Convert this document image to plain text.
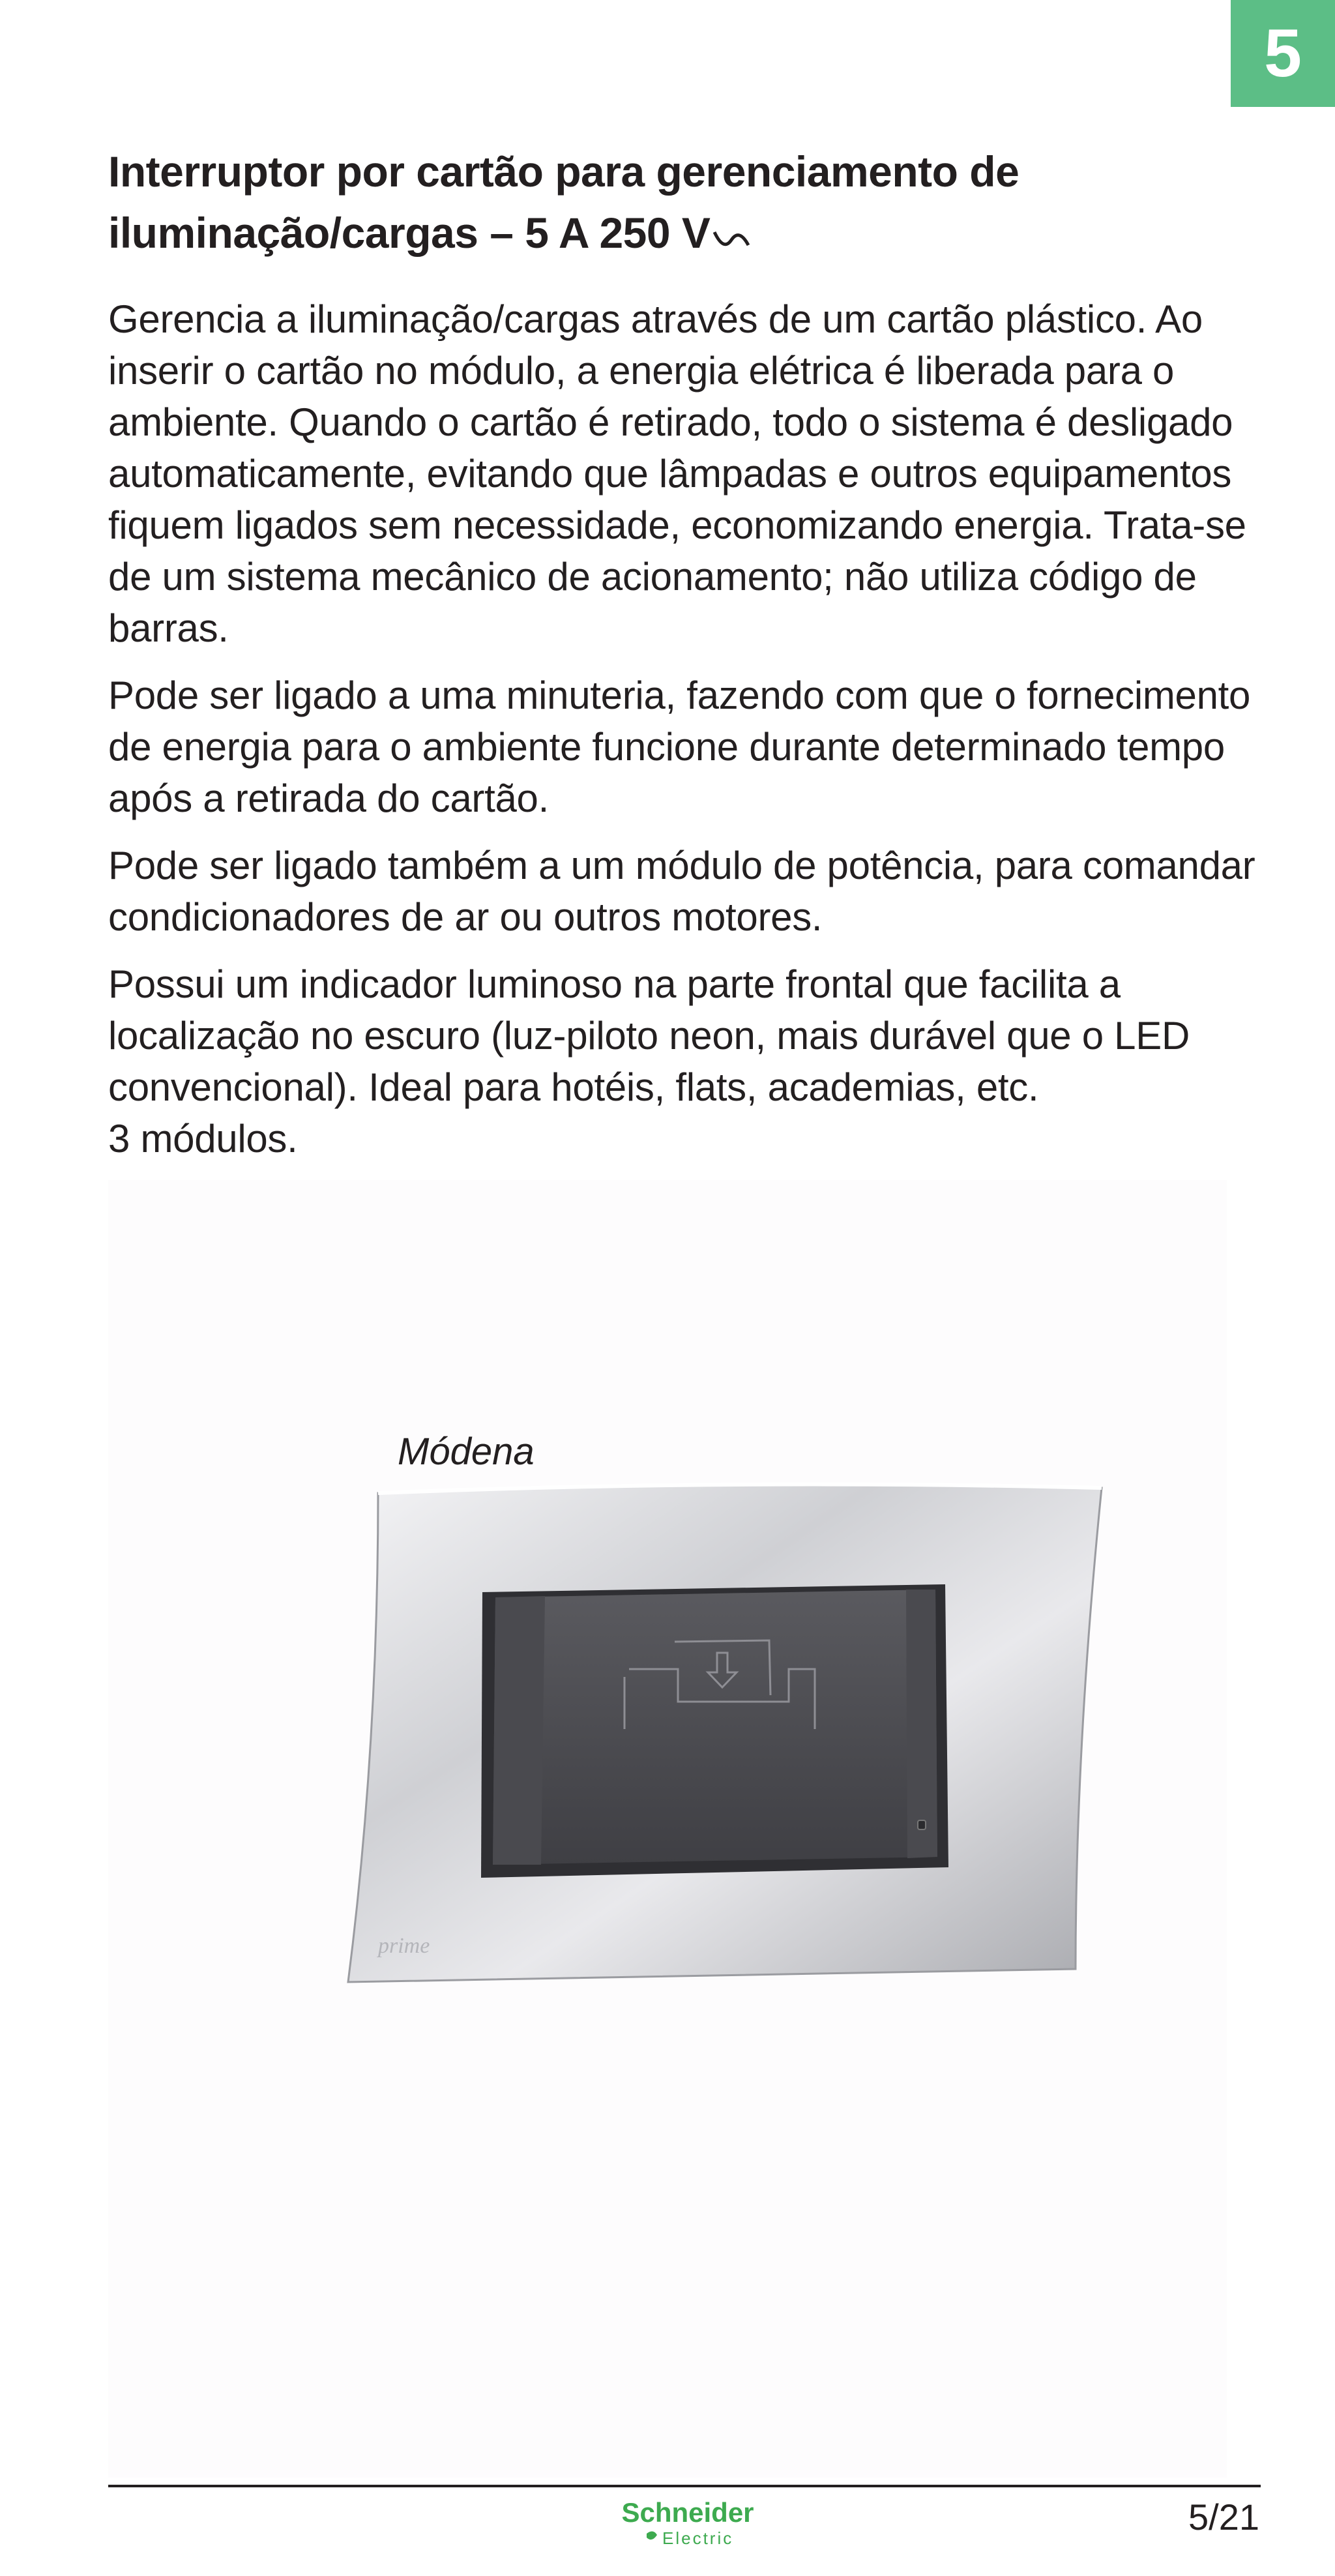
5
Interruptor por cartão para gerenciamento de
iluminação/cargas – 5 A 250 V

Gerencia a iluminação/cargas através de um cartão plástico. Ao inserir o cartão no módulo, a energia elétrica é liberada para o ambiente. Quando o cartão é retirado, todo o sistema é desligado automaticamente, evitando que lâmpadas e outros equipamentos fiquem ligados sem necessidade, economizando energia. Trata-se de um sistema mecânico de acionamento; não utiliza código de barras.

Pode ser ligado a uma minuteria, fazendo com que o fornecimento de energia para o ambiente funcione durante determinado tempo após a retirada do cartão.

Pode ser ligado também a um módulo de potência, para comandar condicionadores de ar ou outros motores.

Possui um indicador luminoso na parte frontal que facilita a localização no escuro (luz-piloto neon, mais durável que o LED convencional). Ideal para hotéis, flats, academias, etc.

3 módulos.

Módena
prime
Schneider
Electric
5/21
